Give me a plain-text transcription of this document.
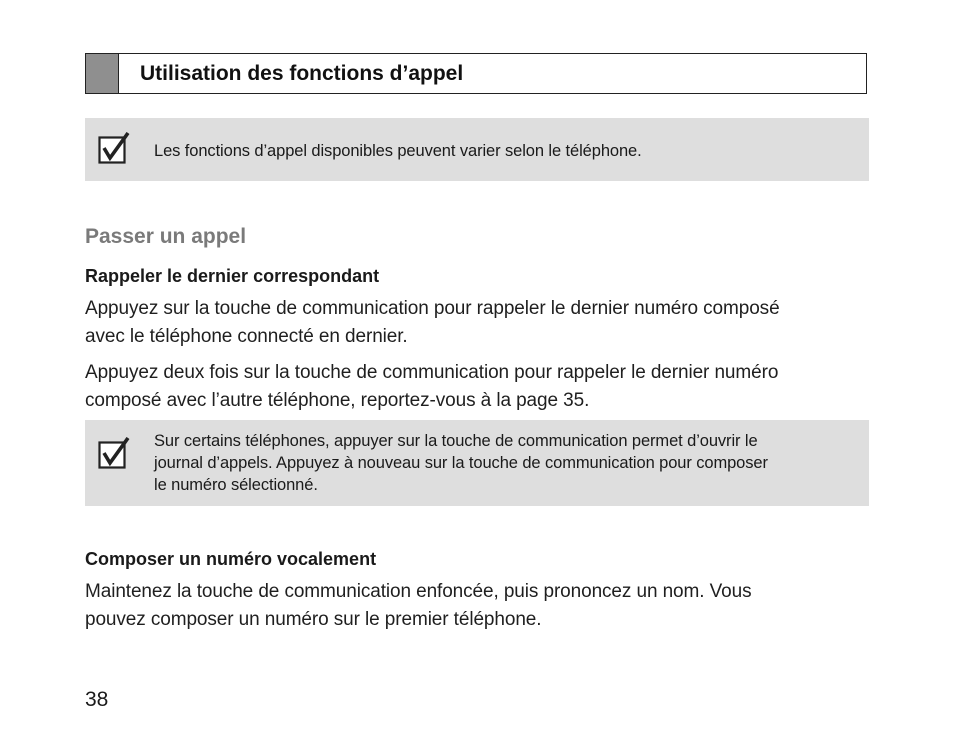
Utilisation des fonctions d’appel
Les fonctions d’appel disponibles peuvent varier selon le téléphone.
Passer un appel
Rappeler le dernier correspondant
Appuyez sur la touche de communication pour rappeler le dernier numéro composé
avec le téléphone connecté en dernier.
Appuyez deux fois sur la touche de communication pour rappeler le dernier numéro
composé avec l’autre téléphone, reportez-vous à la page 35.
Sur certains téléphones, appuyer sur la touche de communication permet d’ouvrir le
journal d’appels. Appuyez à nouveau sur la touche de communication pour composer
le numéro sélectionné.
Composer un numéro vocalement
Maintenez la touche de communication enfoncée, puis prononcez un nom. Vous
pouvez composer un numéro sur le premier téléphone.
38
